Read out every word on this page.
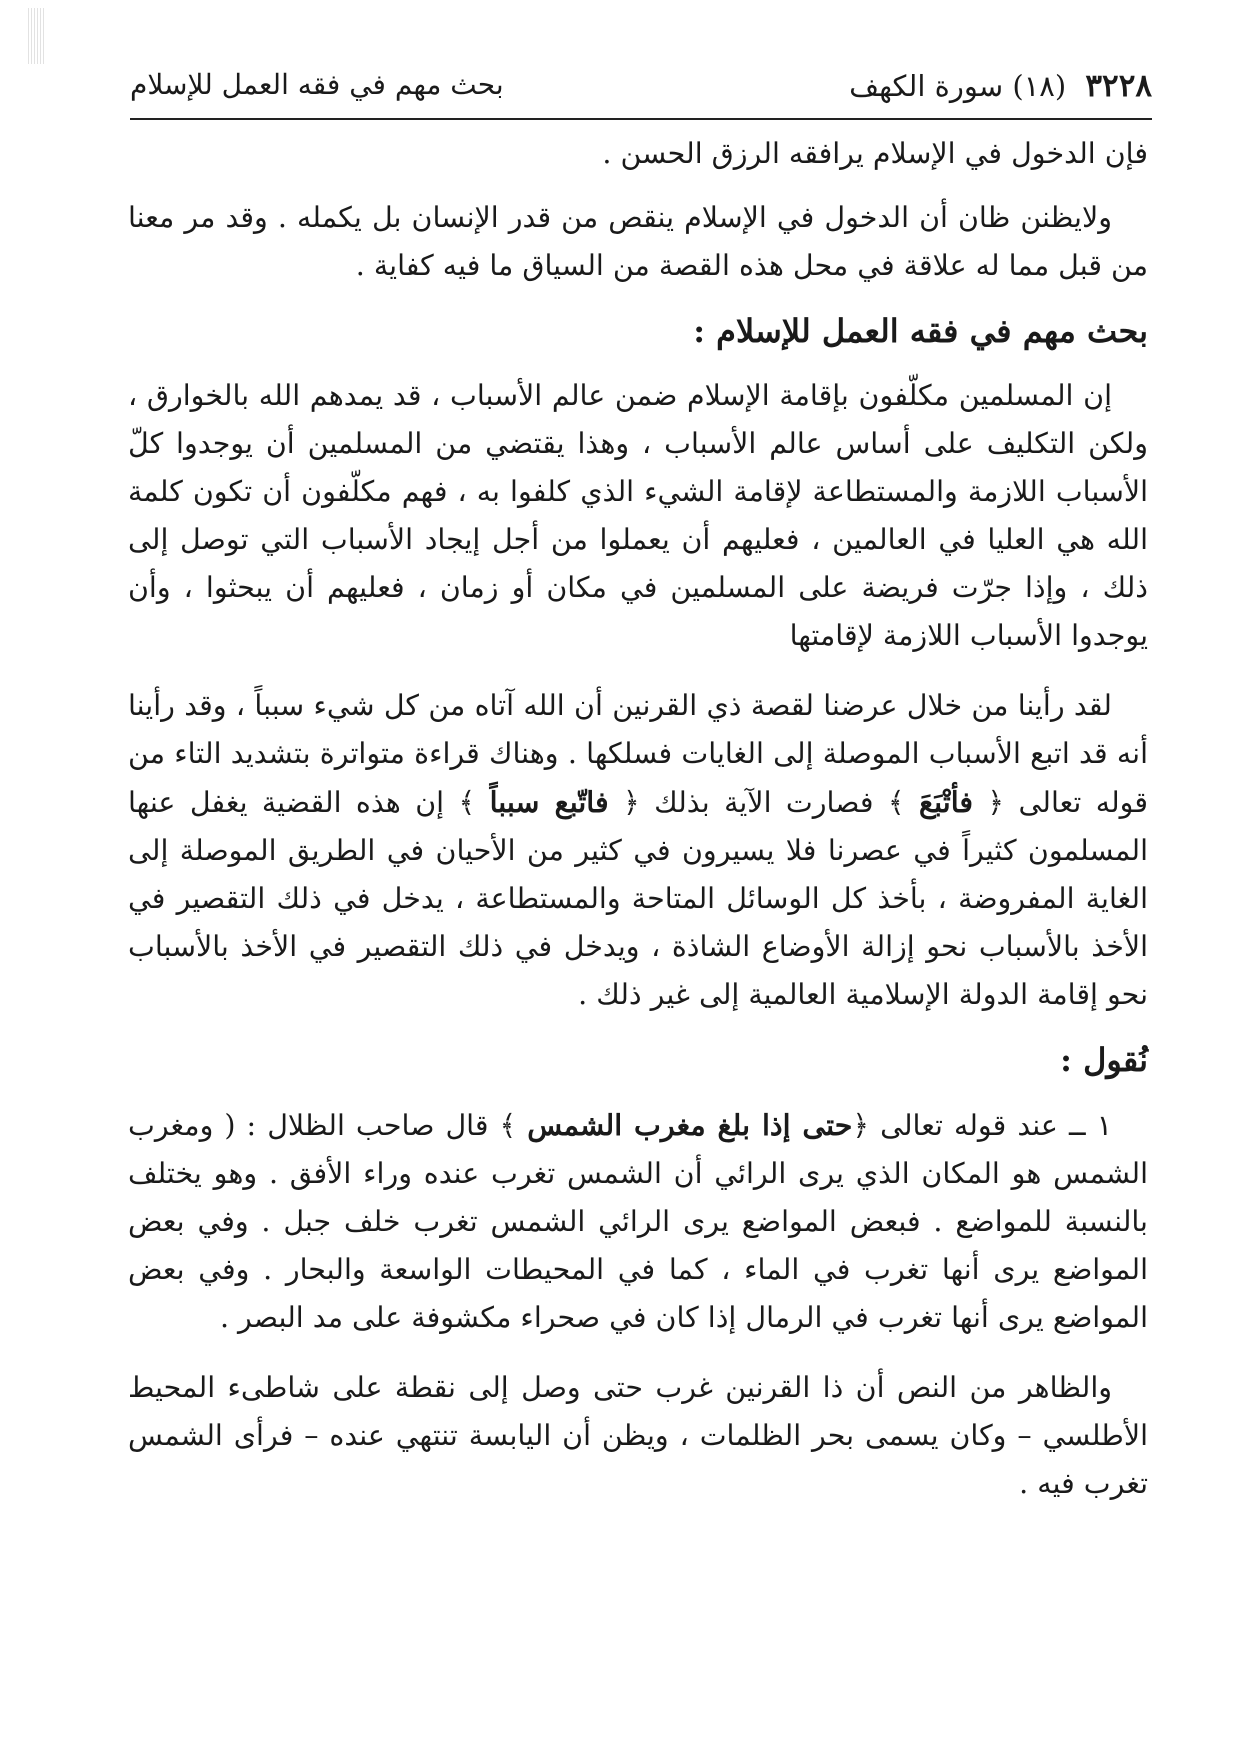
٣٢٢٨ (١٨) سورة الكهف
بحث مهم في فقه العمل للإسلام

فإن الدخول في الإسلام يرافقه الرزق الحسن .

ولايظنن ظان أن الدخول في الإسلام ينقص من قدر الإنسان بل يكمله . وقد مر معنا من قبل مما له علاقة في محل هذه القصة من السياق ما فيه كفاية .

بحث مهم في فقه العمل للإسلام :

إن المسلمين مكلّفون بإقامة الإسلام ضمن عالم الأسباب ، قد يمدهم الله بالخوارق ، ولكن التكليف على أساس عالم الأسباب ، وهذا يقتضي من المسلمين أن يوجدوا كلّ الأسباب اللازمة والمستطاعة لإقامة الشيء الذي كلفوا به ، فهم مكلّفون أن تكون كلمة الله هي العليا في العالمين ، فعليهم أن يعملوا من أجل إيجاد الأسباب التي توصل إلى ذلك ، وإذا جرّت فريضة على المسلمين في مكان أو زمان ، فعليهم أن يبحثوا ، وأن يوجدوا الأسباب اللازمة لإقامتها

لقد رأينا من خلال عرضنا لقصة ذي القرنين أن الله آتاه من كل شيء سبباً ، وقد رأينا أنه قد اتبع الأسباب الموصلة إلى الغايات فسلكها . وهناك قراءة متواترة بتشديد التاء من قوله تعالى ﴿ فأتْبَعَ ﴾ فصارت الآية بذلك ﴿ فاتّبع سبباً ﴾ إن هذه القضية يغفل عنها المسلمون كثيراً في عصرنا فلا يسيرون في كثير من الأحيان في الطريق الموصلة إلى الغاية المفروضة ، بأخذ كل الوسائل المتاحة والمستطاعة ، يدخل في ذلك التقصير في الأخذ بالأسباب نحو إزالة الأوضاع الشاذة ، ويدخل في ذلك التقصير في الأخذ بالأسباب نحو إقامة الدولة الإسلامية العالمية إلى غير ذلك .

نُقول :

١ ــ عند قوله تعالى ﴿حتى إذا بلغ مغرب الشمس ﴾ قال صاحب الظلال : ( ومغرب الشمس هو المكان الذي يرى الرائي أن الشمس تغرب عنده وراء الأفق . وهو يختلف بالنسبة للمواضع . فبعض المواضع يرى الرائي الشمس تغرب خلف جبل . وفي بعض المواضع يرى أنها تغرب في الماء ، كما في المحيطات الواسعة والبحار . وفي بعض المواضع يرى أنها تغرب في الرمال إذا كان في صحراء مكشوفة على مد البصر .

والظاهر من النص أن ذا القرنين غرب حتى وصل إلى نقطة على شاطىء المحيط الأطلسي – وكان يسمى بحر الظلمات ، ويظن أن اليابسة تنتهي عنده – فرأى الشمس تغرب فيه .
